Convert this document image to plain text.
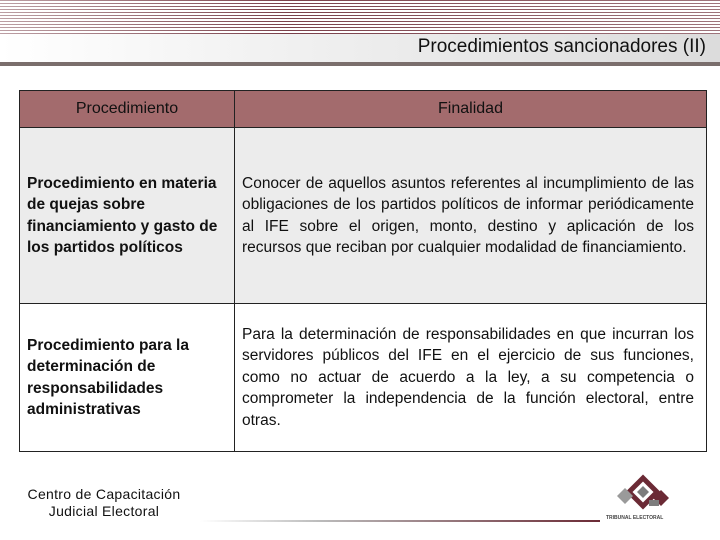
Procedimientos sancionadores (II)
Procedimiento	Finalidad
Procedimiento en materia de quejas sobre financiamiento y gasto de los partidos políticos
Conocer de aquellos asuntos referentes al incumplimiento de las obligaciones de los partidos políticos de informar periódicamente al IFE sobre el origen, monto, destino y aplicación de los recursos que reciban por cualquier modalidad de financiamiento.
Procedimiento para la determinación de responsabilidades administrativas
Para la determinación de responsabilidades en que incurran los servidores públicos del IFE en el ejercicio de sus funciones, como no actuar de acuerdo a la ley, a su competencia o comprometer la independencia de la función electoral, entre otras.
Centro de Capacitación
Judicial Electoral	TRIBUNAL ELECTORAL
